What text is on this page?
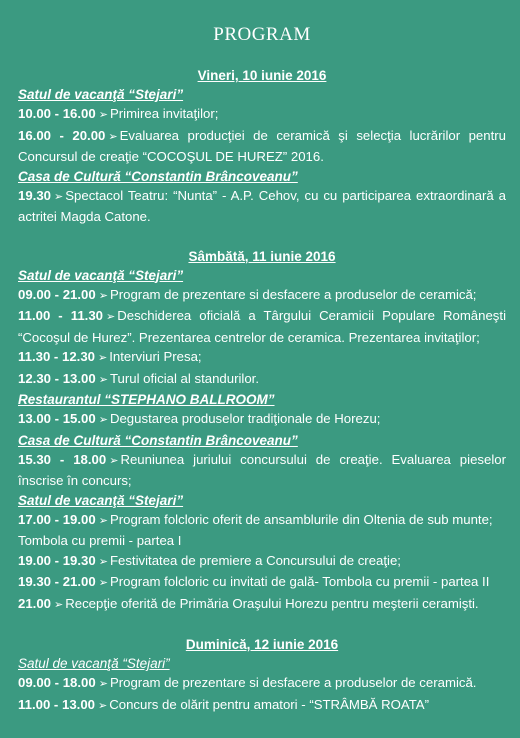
PROGRAM
Vineri, 10 iunie 2016
Satul de vacanţă “Stejari”
10.00 - 16.00 ➢ Primirea invitaţilor;
16.00 - 20.00 ➢ Evaluarea producţiei de ceramică şi selecţia lucrărilor pentru Concursul de creaţie “COCOŞUL DE HUREZ” 2016.
Casa de Cultură “Constantin Brâncoveanu”
19.30 ➢ Spectacol Teatru: “Nunta” - A.P. Cehov, cu cu participarea extraordinară a actritei Magda Catone.
Sâmbătă, 11 iunie 2016
Satul de vacanţă “Stejari”
09.00 - 21.00 ➢ Program de prezentare si desfacere a produselor de ceramică;
11.00 - 11.30 ➢ Deschiderea oficială a Târgului Ceramicii Populare Româneşti “Cocoşul de Hurez”. Prezentarea centrelor de ceramica. Prezentarea invitaţilor;
11.30 - 12.30 ➢ Interviuri Presa;
12.30 - 13.00 ➢ Turul oficial al standurilor.
Restaurantul “STEPHANO BALLROOM”
13.00 - 15.00 ➢ Degustarea produselor tradiţionale de Horezu;
Casa de Cultură “Constantin Brâncoveanu”
15.30 - 18.00 ➢ Reuniunea juriului concursului de creaţie. Evaluarea pieselor înscrise în concurs;
Satul de vacanţă “Stejari”
17.00 - 19.00 ➢ Program folcloric oferit de ansamblurile din Oltenia de sub munte;
Tombola cu premii - partea I
19.00 - 19.30 ➢ Festivitatea de premiere a Concursului de creaţie;
19.30 - 21.00 ➢ Program folcloric cu invitati de gală- Tombola cu premii - partea II
21.00 ➢ Recepţie oferită de Primăria Oraşului Horezu pentru meşterii ceramişti.
Duminică, 12 iunie 2016
Satul de vacanţă “Stejari”
09.00 - 18.00 ➢ Program de prezentare si desfacere a produselor de ceramică.
11.00 - 13.00 ➢ Concurs de olărit pentru amatori - “STRÂMBĂ ROATA”
